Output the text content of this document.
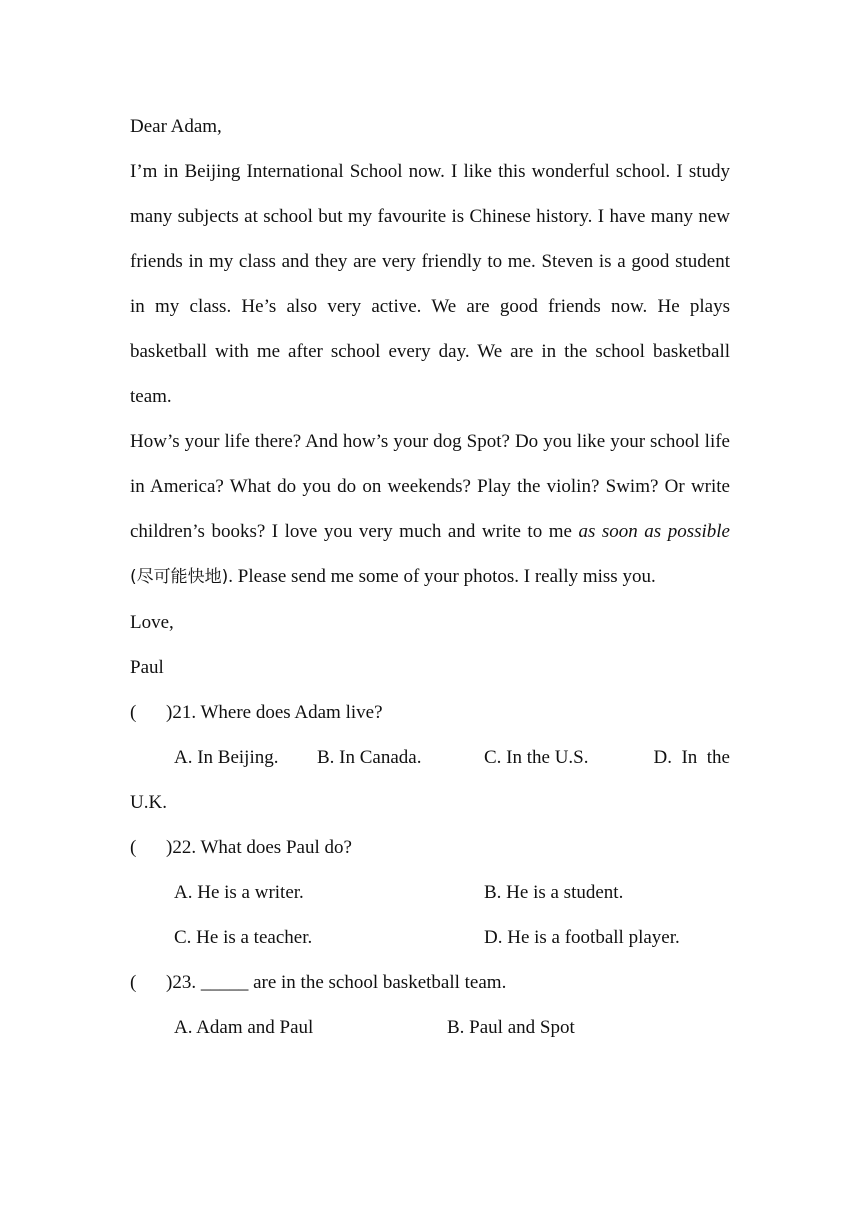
Dear Adam,

I’m in Beijing International School now. I like this wonderful school. I study many subjects at school but my favourite is Chinese history. I have many new friends in my class and they are very friendly to me. Steven is a good student in my class. He’s also very active. We are good friends now. He plays basketball with me after school every day. We are in the school basketball team.

How’s your life there? And how’s your dog Spot? Do you like your school life in America? What do you do on weekends? Play the violin? Swim? Or write children’s books? I love you very much and write to me as soon as possible (尽可能快地). Please send me some of your photos. I really miss you.

Love,

Paul

( )21. Where does Adam live?

A. In Beijing. B. In Canada.	C. In the U.S.	D.  In  the

U.K.

( )22. What does Paul do?

A. He is a writer.	B. He is a student.
C. He is a teacher.	D. He is a football player.

( )23. _____ are in the school basketball team.

A. Adam and Paul	B. Paul and Spot
